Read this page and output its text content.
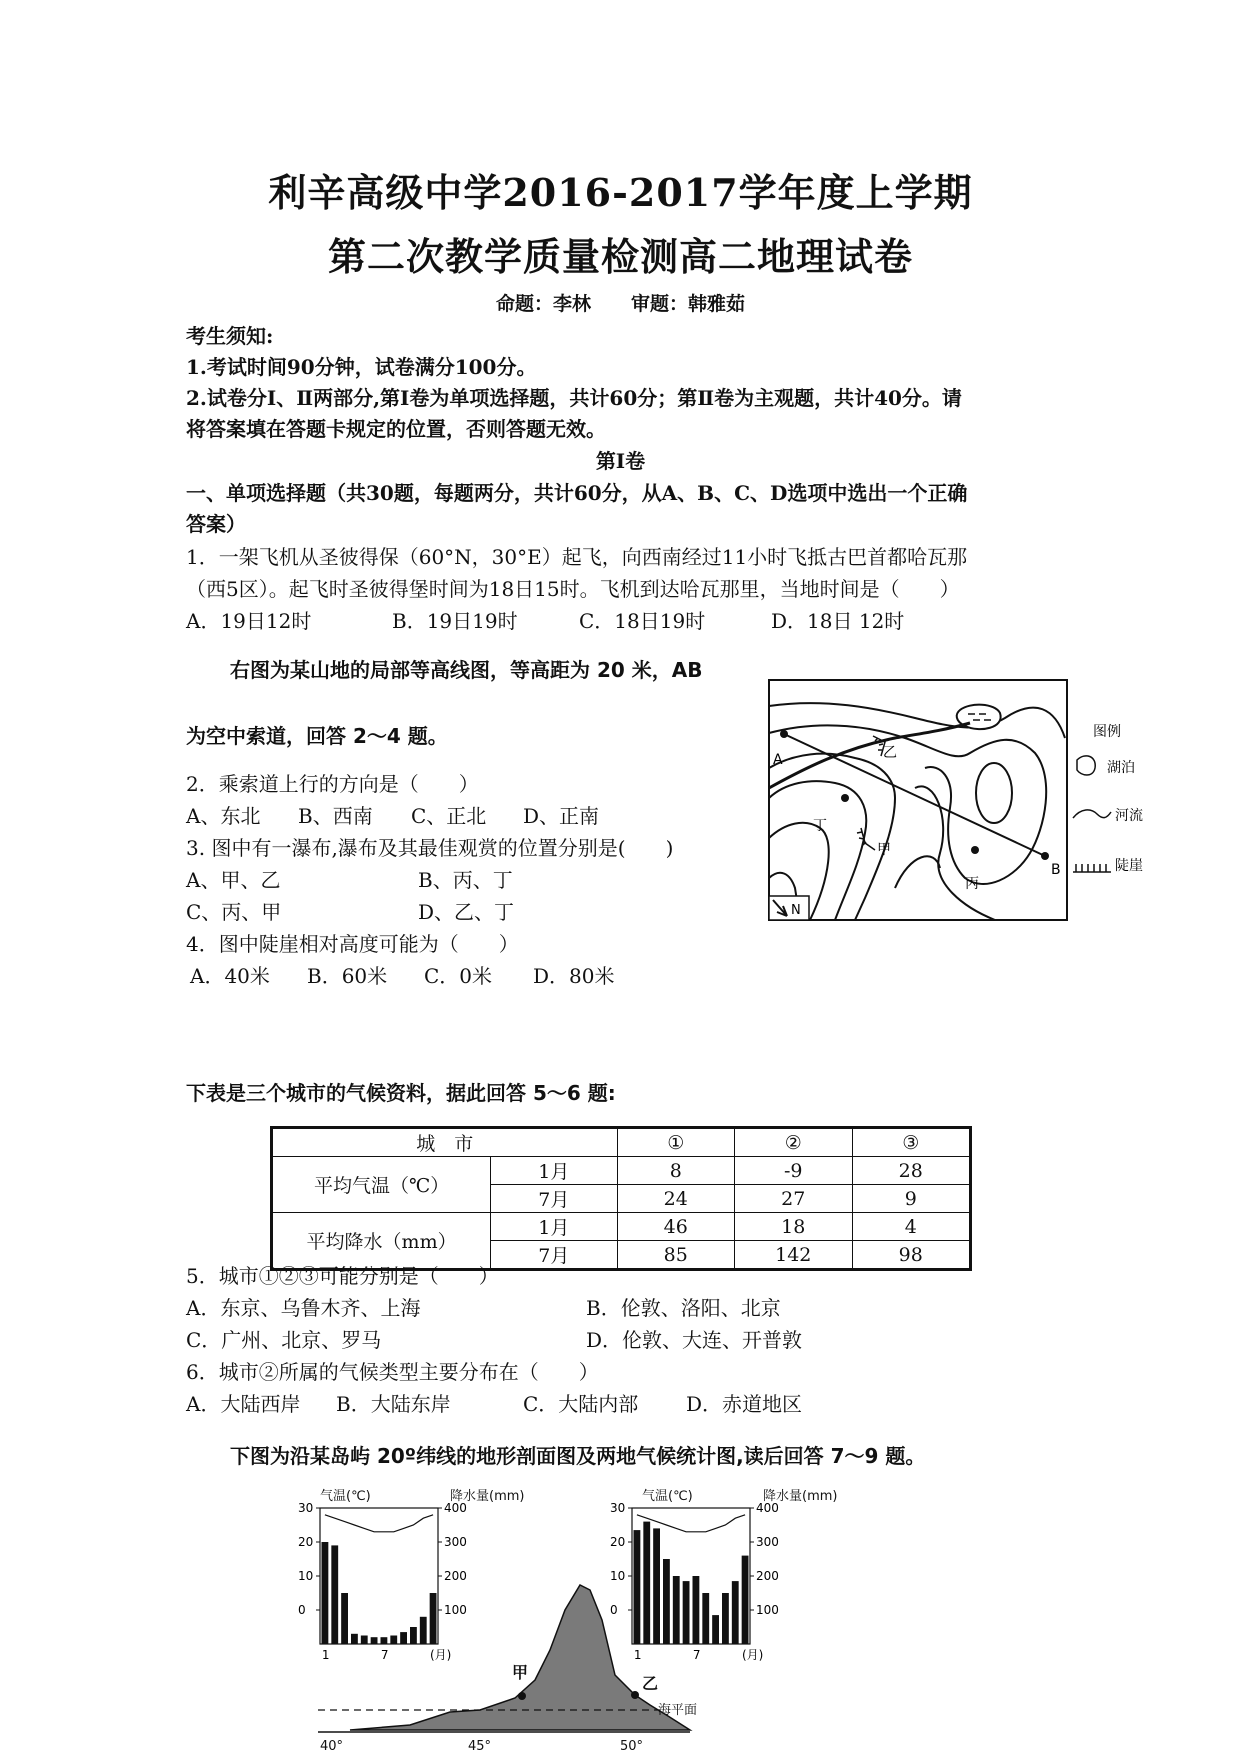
利辛高级中学2016-2017学年度上学期
第二次教学质量检测高二地理试卷
命题：李林 审题：韩雅茹
考生须知:
1.考试时间90分钟，试卷满分100分。
2.试卷分Ⅰ、Ⅱ两部分,第Ⅰ卷为单项选择题，共计60分；第Ⅱ卷为主观题，共计40分。请
将答案填在答题卡规定的位置，否则答题无效。
第Ⅰ卷
一、单项选择题（共30题，每题两分，共计60分，从A、B、C、D选项中选出一个正确
答案）
1．一架飞机从圣彼得保（60°N，30°E）起飞，向西南经过11小时飞抵古巴首都哈瓦那
（西5区）。起飞时圣彼得堡时间为18日15时。飞机到达哈瓦那里，当地时间是（　　）
A．19日12时	B．19日19时	C．18日19时	D．18日 12时
右图为某山地的局部等高线图，等高距为 20 米，AB
为空中索道，回答 2～4 题。
2．乘索道上行的方向是（　　）
A、东北 B、西南 C、正北 D、正南
3. 图中有一瀑布,瀑布及其最佳观赏的位置分别是(　　)
A、甲、乙	B、丙、丁
C、丙、甲	D、乙、丁
4．图中陡崖相对高度可能为（　　）
A．40米 B．60米 C．0米 D．80米
A
B
乙
丁
甲
丙
N
图例
湖泊
河流
陡崖
下表是三个城市的气候资料，据此回答 5～6 题:
城　市		①	②	③
平均气温（℃）	1月	8	-9	28
	7月	24	27	9
平均降水（mm）	1月	46	18	4
	7月	85	142	98
5．城市①②③可能分别是（　　）
A．东京、乌鲁木齐、上海	B．伦敦、洛阳、北京
C．广州、北京、罗马	D．伦敦、大连、开普敦
6．城市②所属的气候类型主要分布在（　　）
A．大陆西岸 B．大陆东岸	C．大陆内部 D．赤道地区
下图为沿某岛屿 20º纬线的地形剖面图及两地气候统计图,读后回答 7～9 题。
气温(℃)	降水量(mm)	气温(℃)	降水量(mm)
30
20
10
0
400
300
200
100
1	7	(月)
30
20
10
0
400
300
200
100
1	7	(月)
甲
乙
海平面
40°	45°	50°
